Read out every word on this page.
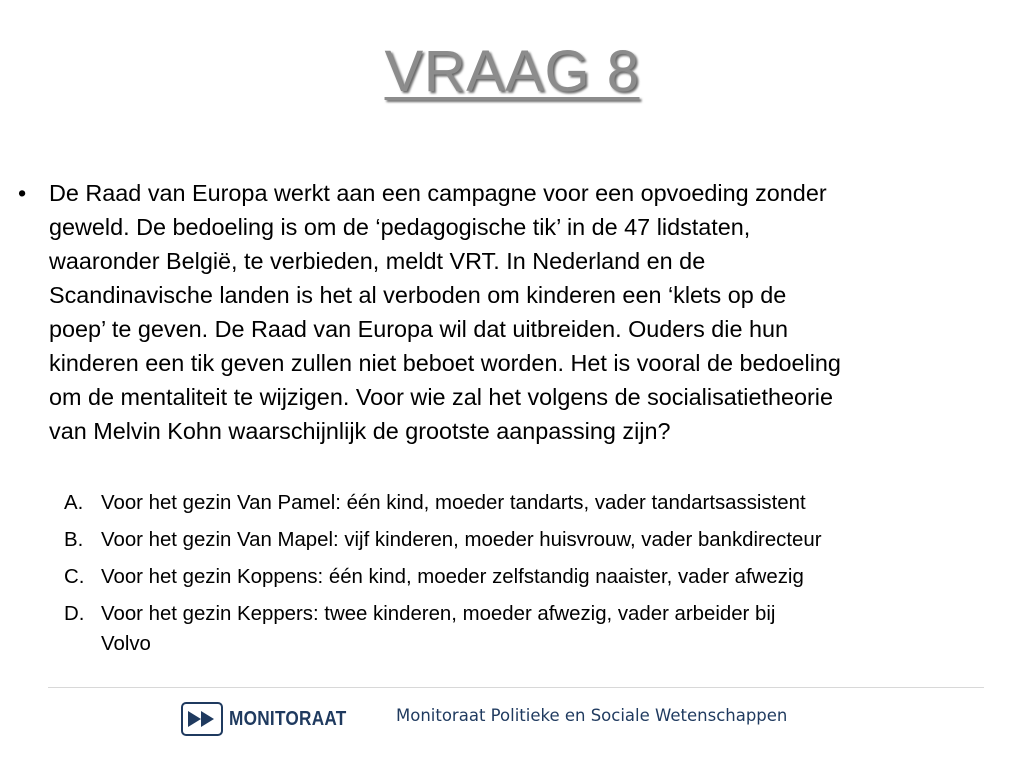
VRAAG 8
• De Raad van Europa werkt aan een campagne voor een opvoeding zonder
geweld. De bedoeling is om de ‘pedagogische tik’ in de 47 lidstaten,
waaronder België, te verbieden, meldt VRT. In Nederland en de
Scandinavische landen is het al verboden om kinderen een ‘klets op de
poep’ te geven. De Raad van Europa wil dat uitbreiden. Ouders die hun
kinderen een tik geven zullen niet beboet worden. Het is vooral de bedoeling
om de mentaliteit te wijzigen. Voor wie zal het volgens de socialisatietheorie
van Melvin Kohn waarschijnlijk de grootste aanpassing zijn?
A. Voor het gezin Van Pamel: één kind, moeder tandarts, vader tandartsassistent
B. Voor het gezin Van Mapel: vijf kinderen, moeder huisvrouw, vader bankdirecteur
C. Voor het gezin Koppens: één kind, moeder zelfstandig naaister, vader afwezig
D. Voor het gezin Keppers: twee kinderen, moeder afwezig, vader arbeider bij
Volvo
MONITORAAT	Monitoraat Politieke en Sociale Wetenschappen
